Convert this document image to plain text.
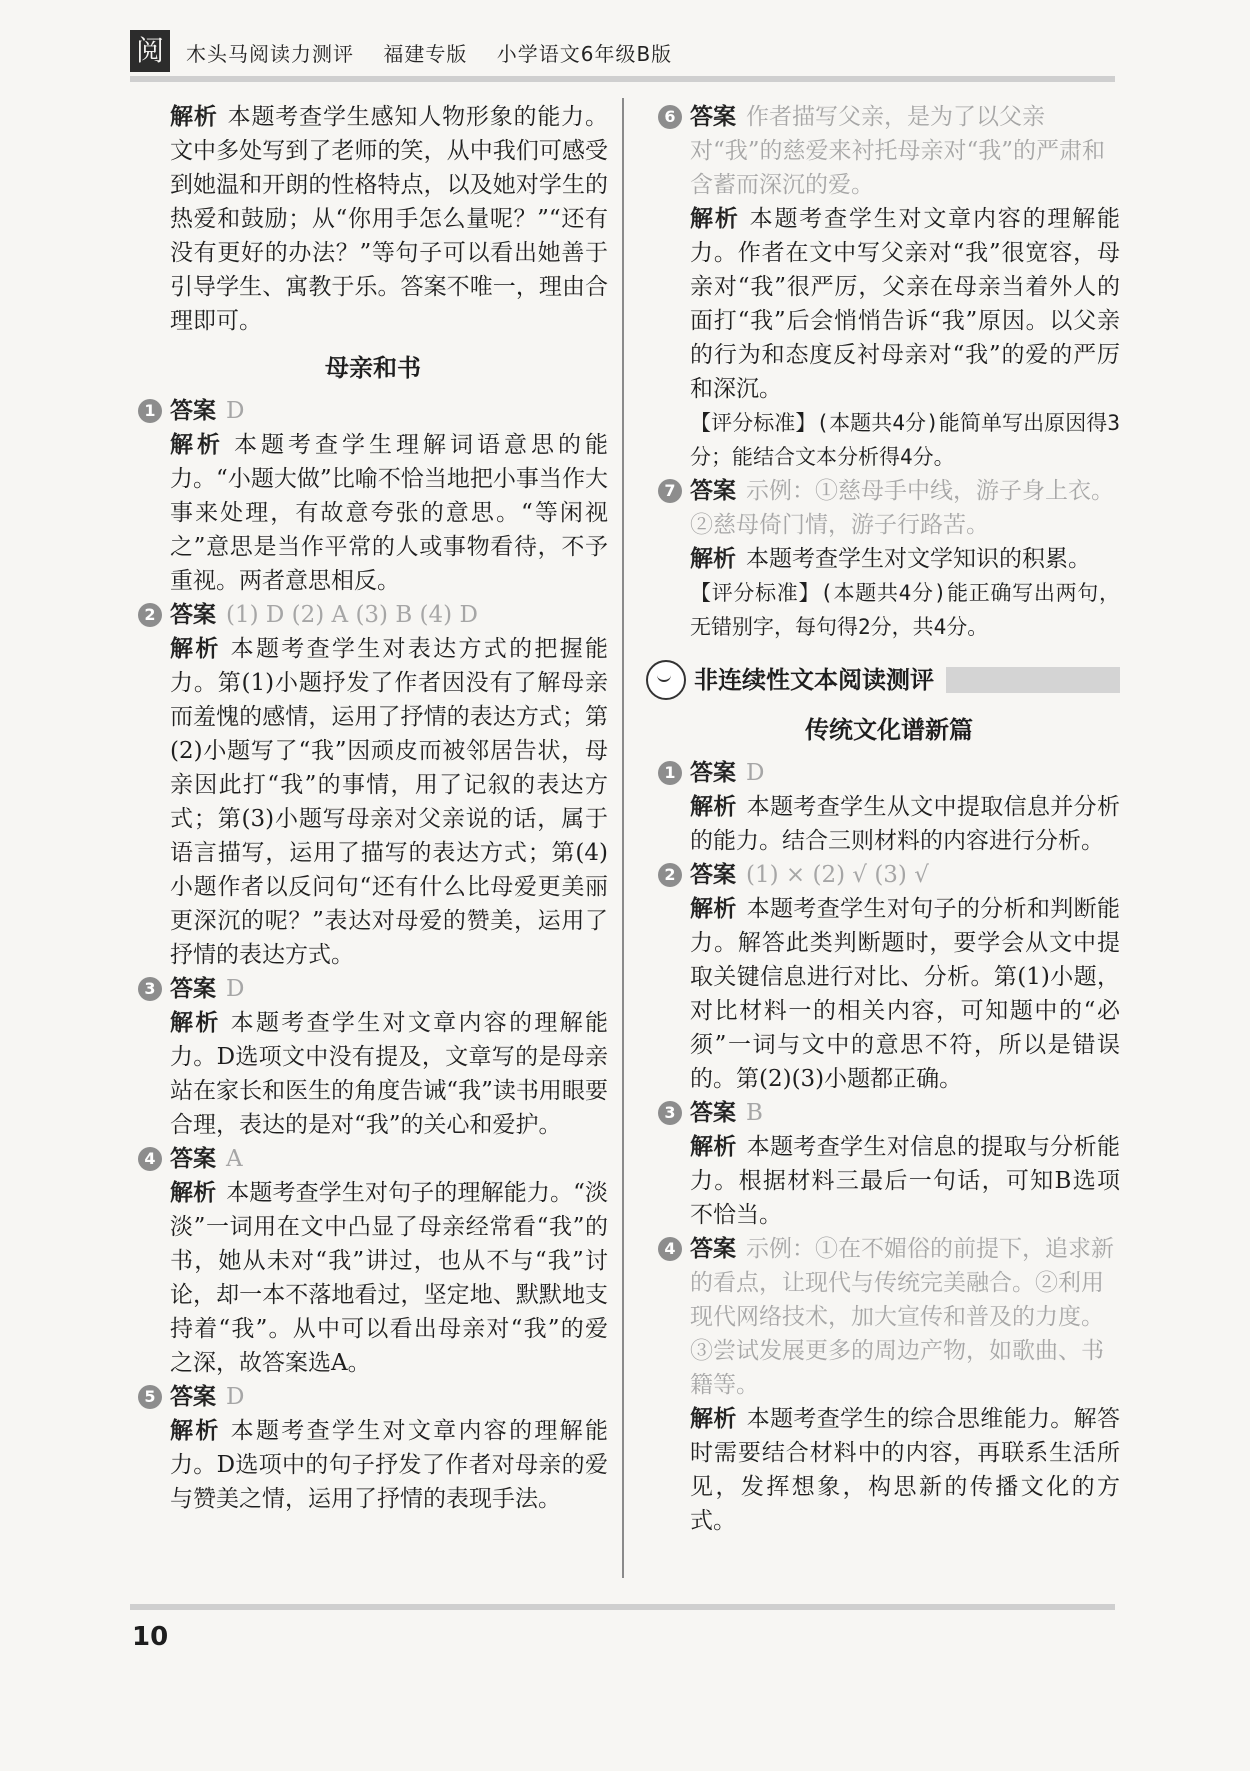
阅	木头马阅读力测评 福建专版 小学语文6年级B版

解析 本题考查学生感知人物形象的能力。文中多处写到了老师的笑，从中我们可感受到她温和开朗的性格特点，以及她对学生的热爱和鼓励；从“你用手怎么量呢？”“还有没有更好的办法？”等句子可以看出她善于引导学生、寓教于乐。答案不唯一，理由合理即可。

母亲和书
1 答案 D

解析 本题考查学生理解词语意思的能力。“小题大做”比喻不恰当地把小事当作大事来处理，有故意夸张的意思。“等闲视之”意思是当作平常的人或事物看待，不予重视。两者意思相反。

2 答案 (1) D (2) A (3) B (4) D

解析 本题考查学生对表达方式的把握能力。第(1)小题抒发了作者因没有了解母亲而羞愧的感情，运用了抒情的表达方式；第(2)小题写了“我”因顽皮而被邻居告状，母亲因此打“我”的事情，用了记叙的表达方式；第(3)小题写母亲对父亲说的话，属于语言描写，运用了描写的表达方式；第(4)小题作者以反问句“还有什么比母爱更美丽更深沉的呢？”表达对母爱的赞美，运用了抒情的表达方式。

3 答案 D

解析 本题考查学生对文章内容的理解能力。D选项文中没有提及，文章写的是母亲站在家长和医生的角度告诫“我”读书用眼要合理，表达的是对“我”的关心和爱护。

4 答案 A

解析 本题考查学生对句子的理解能力。“淡淡”一词用在文中凸显了母亲经常看“我”的书，她从未对“我”讲过，也从不与“我”讨论，却一本不落地看过，坚定地、默默地支持着“我”。从中可以看出母亲对“我”的爱之深，故答案选A。

5 答案 D

解析 本题考查学生对文章内容的理解能力。D选项中的句子抒发了作者对母亲的爱与赞美之情，运用了抒情的表现手法。

6 答案 作者描写父亲，是为了以父亲对“我”的慈爱来衬托母亲对“我”的严肃和含蓄而深沉的爱。

解析 本题考查学生对文章内容的理解能力。作者在文中写父亲对“我”很宽容，母亲对“我”很严厉，父亲在母亲当着外人的面打“我”后会悄悄告诉“我”原因。以父亲的行为和态度反衬母亲对“我”的爱的严厉和深沉。

【评分标准】(本题共4分)能简单写出原因得3分；能结合文本分析得4分。

7 答案 示例：①慈母手中线，游子身上衣。②慈母倚门情，游子行路苦。

解析 本题考查学生对文学知识的积累。

【评分标准】(本题共4分)能正确写出两句，无错别字，每句得2分，共4分。

非连续性文本阅读测评
传统文化谱新篇
1 答案 D

解析 本题考查学生从文中提取信息并分析的能力。结合三则材料的内容进行分析。

2 答案 (1) × (2) √ (3) √

解析 本题考查学生对句子的分析和判断能力。解答此类判断题时，要学会从文中提取关键信息进行对比、分析。第(1)小题，对比材料一的相关内容，可知题中的“必须”一词与文中的意思不符，所以是错误的。第(2)(3)小题都正确。

3 答案 B

解析 本题考查学生对信息的提取与分析能力。根据材料三最后一句话，可知B选项不恰当。

4 答案 示例：①在不媚俗的前提下，追求新的看点，让现代与传统完美融合。②利用现代网络技术，加大宣传和普及的力度。③尝试发展更多的周边产物，如歌曲、书籍等。

解析 本题考查学生的综合思维能力。解答时需要结合材料中的内容，再联系生活所见，发挥想象，构思新的传播文化的方式。

10
